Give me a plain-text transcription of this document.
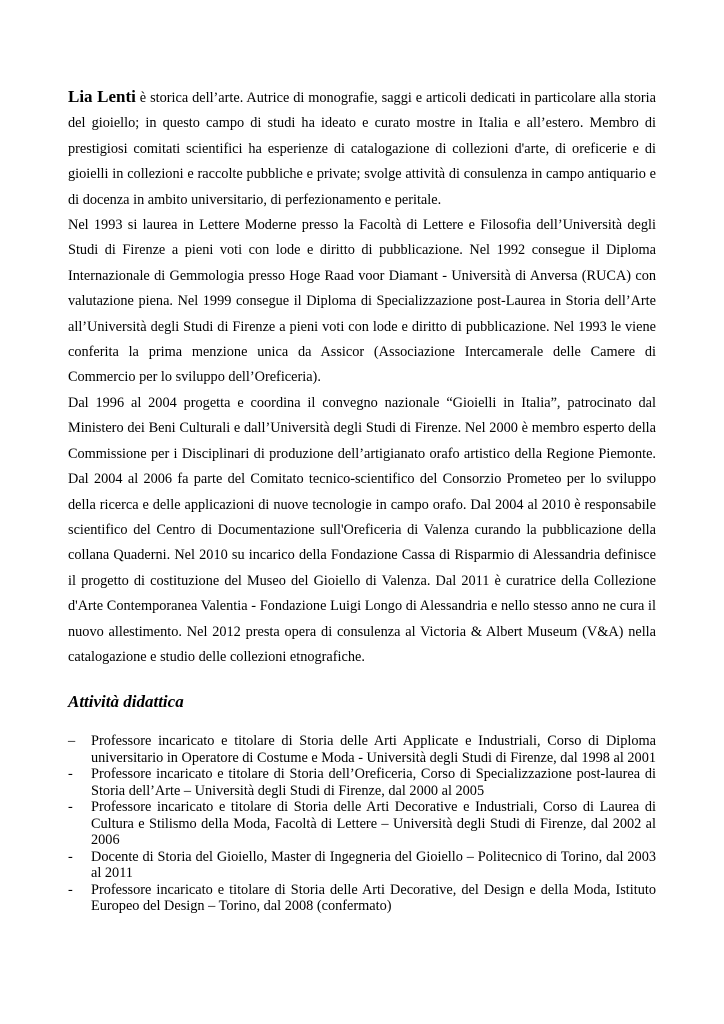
Lia Lenti è storica dell’arte. Autrice di monografie, saggi e articoli dedicati in particolare alla storia del gioiello; in questo campo di studi ha ideato e curato mostre in Italia e all’estero. Membro di prestigiosi comitati scientifici ha esperienze di catalogazione di collezioni d'arte, di oreficerie e di gioielli in collezioni e raccolte pubbliche e private; svolge attività di consulenza in campo antiquario e di docenza in ambito universitario, di perfezionamento e peritale.

Nel 1993 si laurea in Lettere Moderne presso la Facoltà di Lettere e Filosofia dell’Università degli Studi di Firenze a pieni voti con lode e diritto di pubblicazione. Nel 1992 consegue il Diploma Internazionale di Gemmologia presso Hoge Raad voor Diamant - Università di Anversa (RUCA) con valutazione piena. Nel 1999 consegue il Diploma di Specializzazione post-Laurea in Storia dell’Arte all’Università degli Studi di Firenze a pieni voti con lode e diritto di pubblicazione. Nel 1993 le viene conferita la prima menzione unica da Assicor (Associazione Intercamerale delle Camere di Commercio per lo sviluppo dell’Oreficeria).

Dal 1996 al 2004 progetta e coordina il convegno nazionale “Gioielli in Italia”, patrocinato dal Ministero dei Beni Culturali e dall’Università degli Studi di Firenze. Nel 2000 è membro esperto della Commissione per i Disciplinari di produzione dell’artigianato orafo artistico della Regione Piemonte. Dal 2004 al 2006 fa parte del Comitato tecnico-scientifico del Consorzio Prometeo per lo sviluppo della ricerca e delle applicazioni di nuove tecnologie in campo orafo. Dal 2004 al 2010 è responsabile scientifico del Centro di Documentazione sull'Oreficeria di Valenza curando la pubblicazione della collana Quaderni. Nel 2010 su incarico della Fondazione Cassa di Risparmio di Alessandria definisce il progetto di costituzione del Museo del Gioiello di Valenza. Dal 2011 è curatrice della Collezione d'Arte Contemporanea Valentia - Fondazione Luigi Longo di Alessandria e nello stesso anno ne cura il nuovo allestimento. Nel 2012 presta opera di consulenza al Victoria & Albert Museum (V&A) nella catalogazione e studio delle collezioni etnografiche.

Attività didattica
– Professore incaricato e titolare di Storia delle Arti Applicate e Industriali, Corso di Diploma universitario in Operatore di Costume e Moda - Università degli Studi di Firenze, dal 1998 al 2001
- Professore incaricato e titolare di Storia dell’Oreficeria, Corso di Specializzazione post-laurea di Storia dell’Arte – Università degli Studi di Firenze, dal 2000 al 2005
- Professore incaricato e titolare di Storia delle Arti Decorative e Industriali, Corso di Laurea di Cultura e Stilismo della Moda, Facoltà di Lettere – Università degli Studi di Firenze, dal 2002 al 2006
- Docente di Storia del Gioiello, Master di Ingegneria del Gioiello – Politecnico di Torino, dal 2003 al 2011
- Professore incaricato e titolare di Storia delle Arti Decorative, del Design e della Moda, Istituto Europeo del Design – Torino, dal 2008 (confermato)
